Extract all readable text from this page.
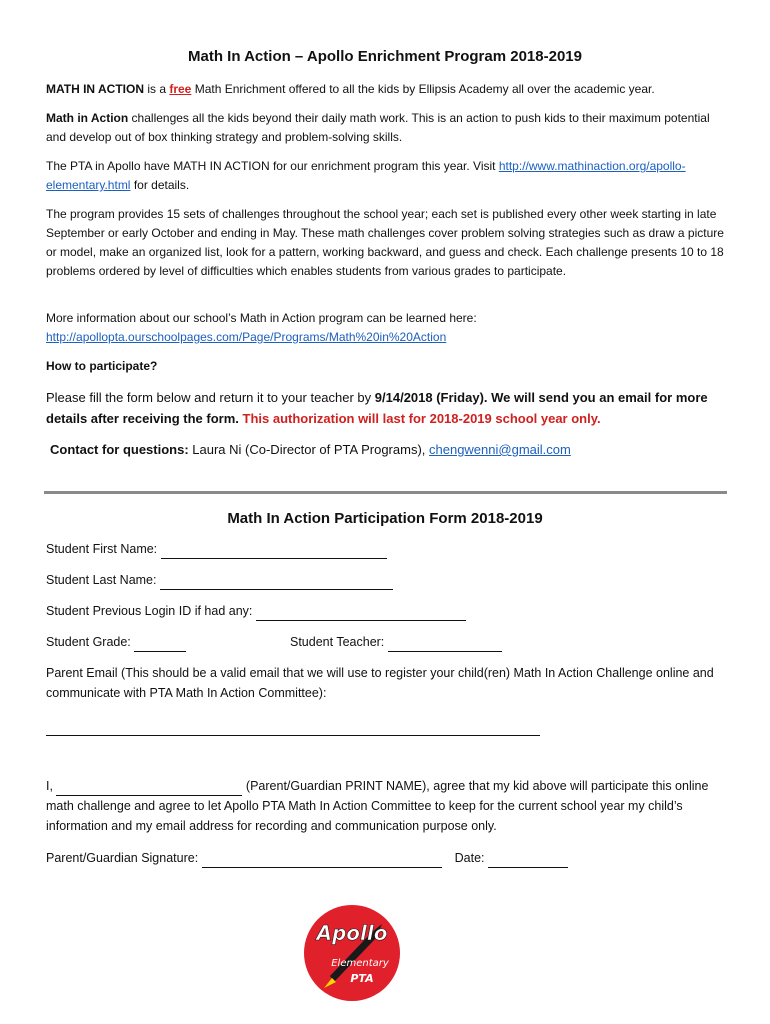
Math In Action – Apollo Enrichment Program 2018-2019
MATH IN ACTION is a free Math Enrichment offered to all the kids by Ellipsis Academy all over the academic year.
Math in Action challenges all the kids beyond their daily math work. This is an action to push kids to their maximum potential and develop out of box thinking strategy and problem-solving skills.
The PTA in Apollo have MATH IN ACTION for our enrichment program this year. Visit http://www.mathinaction.org/apollo-elementary.html for details.
The program provides 15 sets of challenges throughout the school year; each set is published every other week starting in late September or early October and ending in May. These math challenges cover problem solving strategies such as draw a picture or model, make an organized list, look for a pattern, working backward, and guess and check. Each challenge presents 10 to 18 problems ordered by level of difficulties which enables students from various grades to participate.
More information about our school’s Math in Action program can be learned here:
http://apollopta.ourschoolpages.com/Page/Programs/Math%20in%20Action
How to participate?
Please fill the form below and return it to your teacher by 9/14/2018 (Friday). We will send you an email for more details after receiving the form. This authorization will last for 2018-2019 school year only.
Contact for questions: Laura Ni (Co-Director of PTA Programs), chengwenni@gmail.com
Math In Action Participation Form 2018-2019
Student First Name:
Student Last Name:
Student Previous Login ID if had any:
Student Grade:	Student Teacher:
Parent Email (This should be a valid email that we will use to register your child(ren) Math In Action Challenge online and communicate with PTA Math In Action Committee):
I,	(Parent/Guardian PRINT NAME), agree that my kid above will participate this online math challenge and agree to let Apollo PTA Math In Action Committee to keep for the current school year my child’s information and my email address for recording and communication purpose only.
Parent/Guardian Signature:	Date:
Apollo
Elementary
PTA
